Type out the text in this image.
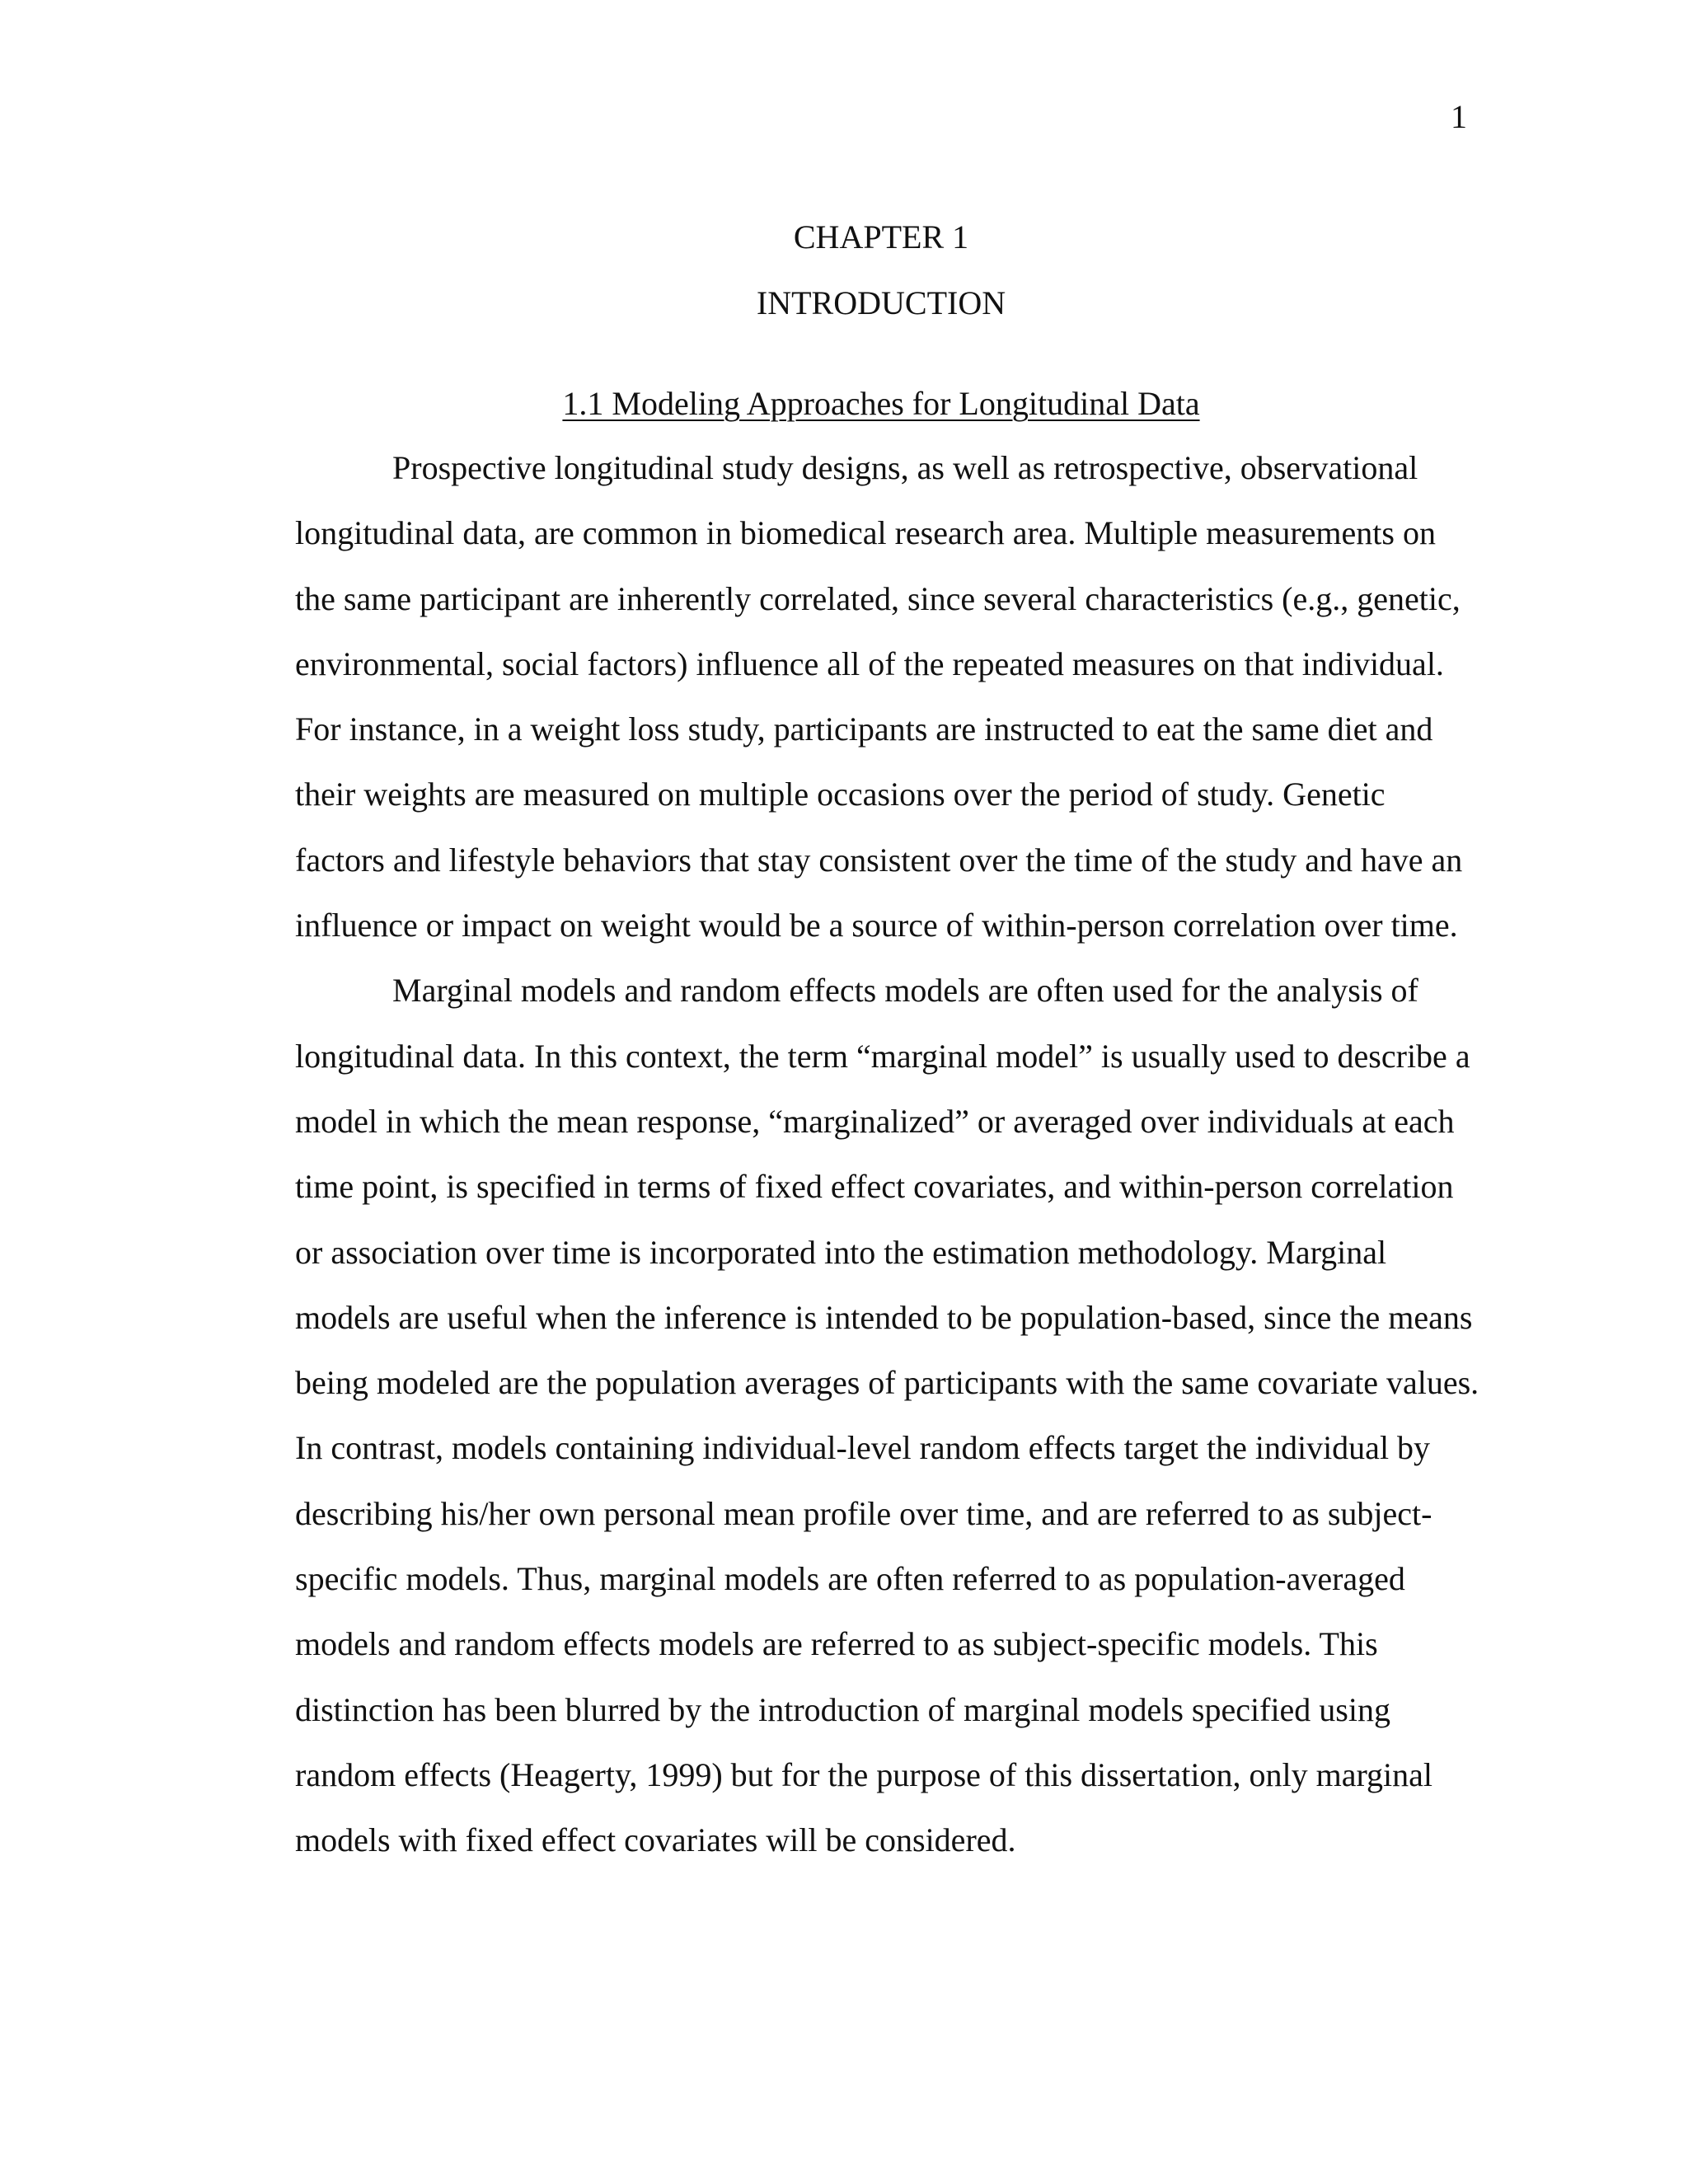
1
CHAPTER 1
INTRODUCTION
1.1 Modeling Approaches for Longitudinal Data
Prospective longitudinal study designs, as well as retrospective, observational
longitudinal data, are common in biomedical research area. Multiple measurements on
the same participant are inherently correlated, since several characteristics (e.g., genetic,
environmental, social factors) influence all of the repeated measures on that individual.
For instance, in a weight loss study, participants are instructed to eat the same diet and
their weights are measured on multiple occasions over the period of study. Genetic
factors and lifestyle behaviors that stay consistent over the time of the study and have an
influence or impact on weight would be a source of within-person correlation over time.
Marginal models and random effects models are often used for the analysis of
longitudinal data. In this context, the term “marginal model” is usually used to describe a
model in which the mean response, “marginalized” or averaged over individuals at each
time point, is specified in terms of fixed effect covariates, and within-person correlation
or association over time is incorporated into the estimation methodology. Marginal
models are useful when the inference is intended to be population-based, since the means
being modeled are the population averages of participants with the same covariate values.
In contrast, models containing individual-level random effects target the individual by
describing his/her own personal mean profile over time, and are referred to as subject-
specific models. Thus, marginal models are often referred to as population-averaged
models and random effects models are referred to as subject-specific models. This
distinction has been blurred by the introduction of marginal models specified using
random effects (Heagerty, 1999) but for the purpose of this dissertation, only marginal
models with fixed effect covariates will be considered.
